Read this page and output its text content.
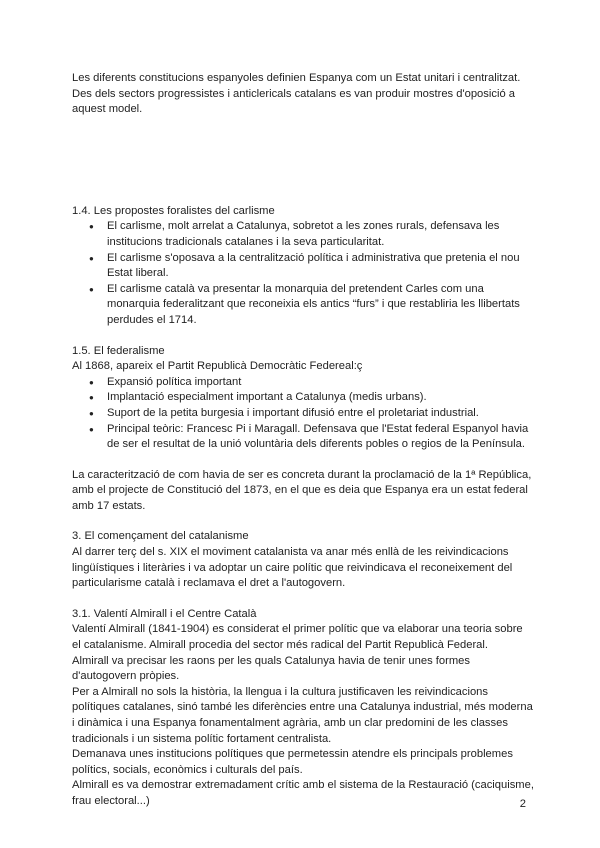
Les diferents constitucions espanyoles definien Espanya com un Estat unitari i centralitzat.

Des dels sectors progressistes i anticlericals catalans es van produir mostres d'oposició a aquest model.

1.4. Les propostes foralistes del carlisme

● El carlisme, molt arrelat a Catalunya, sobretot a les zones rurals, defensava les institucions tradicionals catalanes i la seva particularitat.
● El carlisme s'oposava a la centralització política i administrativa que pretenia el nou Estat liberal.
● El carlisme català va presentar la monarquia del pretendent Carles com una monarquia federalitzant que reconeixia els antics “furs” i que restabliria les llibertats perdudes el 1714.

1.5. El federalisme

Al 1868, apareix el Partit Republicà Democràtic Federeal:ç

● Expansió política important
● Implantació especialment important a Catalunya (medis urbans).
● Suport de la petita burgesia i important difusió entre el proletariat industrial.
● Principal teòric: Francesc Pi i Maragall. Defensava que l'Estat federal Espanyol havia de ser el resultat de la unió voluntària dels diferents pobles o regios de la Península.

La caracterització de com havia de ser es concreta durant la proclamació de la 1ª República, amb el projecte de Constitució del 1873, en el que es deia que Espanya era un estat federal amb 17 estats.

3. El començament del catalanisme

Al darrer terç del s. XIX el moviment catalanista va anar més enllà de les reivindicacions lingüístiques i literàries i va adoptar un caire polític que reivindicava el reconeixement del particularisme català i reclamava el dret a l'autogovern.

3.1. Valentí Almirall i el Centre Català

Valentí Almirall (1841-1904) es considerat el primer polític que va elaborar una teoria sobre el catalanisme. Almirall procedia del sector més radical del Partit Republicà Federal.

Almirall va precisar les raons per les quals Catalunya havia de tenir unes formes d'autogovern pròpies.

Per a Almirall no sols la història, la llengua i la cultura justificaven les reivindicacions polítiques catalanes, sinó també les diferències entre una Catalunya industrial, més moderna i dinàmica i una Espanya fonamentalment agrària, amb un clar predomini de les classes tradicionals i un sistema polític fortament centralista.

Demanava unes institucions polítiques que permetessin atendre els principals problemes polítics, socials, econòmics i culturals del país.

Almirall es va demostrar extremadament crític amb el sistema de la Restauració (caciquisme, frau electoral...)	2
